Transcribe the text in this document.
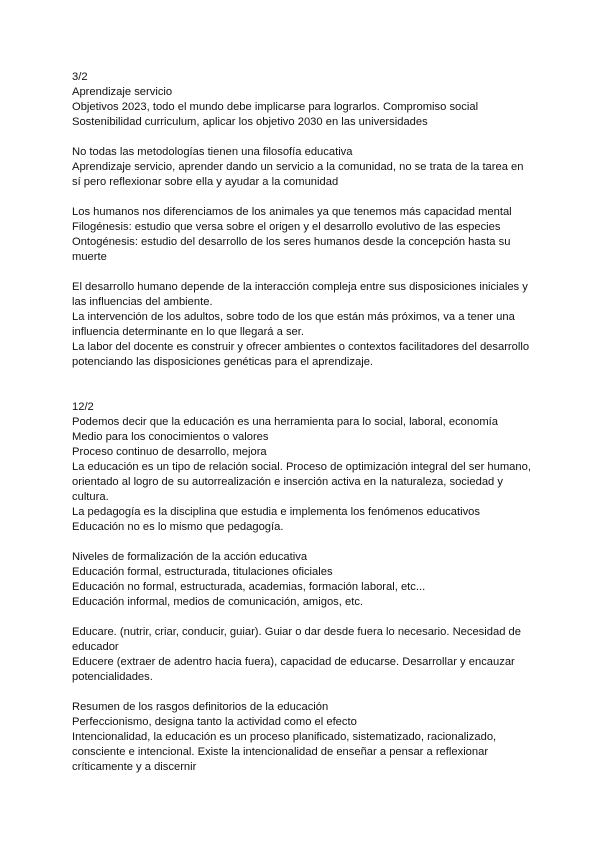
3/2
Aprendizaje servicio
Objetivos 2023, todo el mundo debe implicarse para lograrlos. Compromiso social
Sostenibilidad curriculum, aplicar los objetivo 2030 en las universidades
No todas las metodologías tienen una filosofía educativa
Aprendizaje servicio, aprender dando un servicio a la comunidad, no se trata de la tarea en sí pero reflexionar sobre ella y ayudar a la comunidad
Los humanos nos diferenciamos de los animales ya que tenemos más capacidad mental
Filogénesis: estudio que versa sobre el origen y el desarrollo evolutivo de las especies
Ontogénesis: estudio del desarrollo de los seres humanos desde la concepción hasta su muerte
El desarrollo humano depende de la interacción compleja entre sus disposiciones iniciales y las influencias del ambiente.
La intervención de los adultos, sobre todo de los que están más próximos, va a tener una influencia determinante en lo que llegará a ser.
La labor del docente es construir y ofrecer ambientes o contextos facilitadores del desarrollo potenciando las disposiciones genéticas para el aprendizaje.
12/2
Podemos decir que la educación es una herramienta para lo social, laboral, economía
Medio para los conocimientos o valores
Proceso continuo de desarrollo, mejora
La educación es un tipo de relación social. Proceso de optimización integral del ser humano, orientado al logro de su autorrealización e inserción activa en la naturaleza, sociedad y cultura.
La pedagogía es la disciplina que estudia e implementa los fenómenos educativos
Educación no es lo mismo que pedagogía.
Niveles de formalización de la acción educativa
Educación formal, estructurada, titulaciones oficiales
Educación no formal, estructurada, academias, formación laboral, etc...
Educación informal, medios de comunicación, amigos, etc.
Educare. (nutrir, criar, conducir, guiar). Guiar o dar desde fuera lo necesario. Necesidad de educador
Educere (extraer de adentro hacia fuera), capacidad de educarse. Desarrollar y encauzar potencialidades.
Resumen de los rasgos definitorios de la educación
Perfeccionismo, designa tanto la actividad como el efecto
Intencionalidad, la educación es un proceso planificado, sistematizado, racionalizado, consciente e intencional. Existe la intencionalidad de enseñar a pensar a reflexionar críticamente y a discernir
